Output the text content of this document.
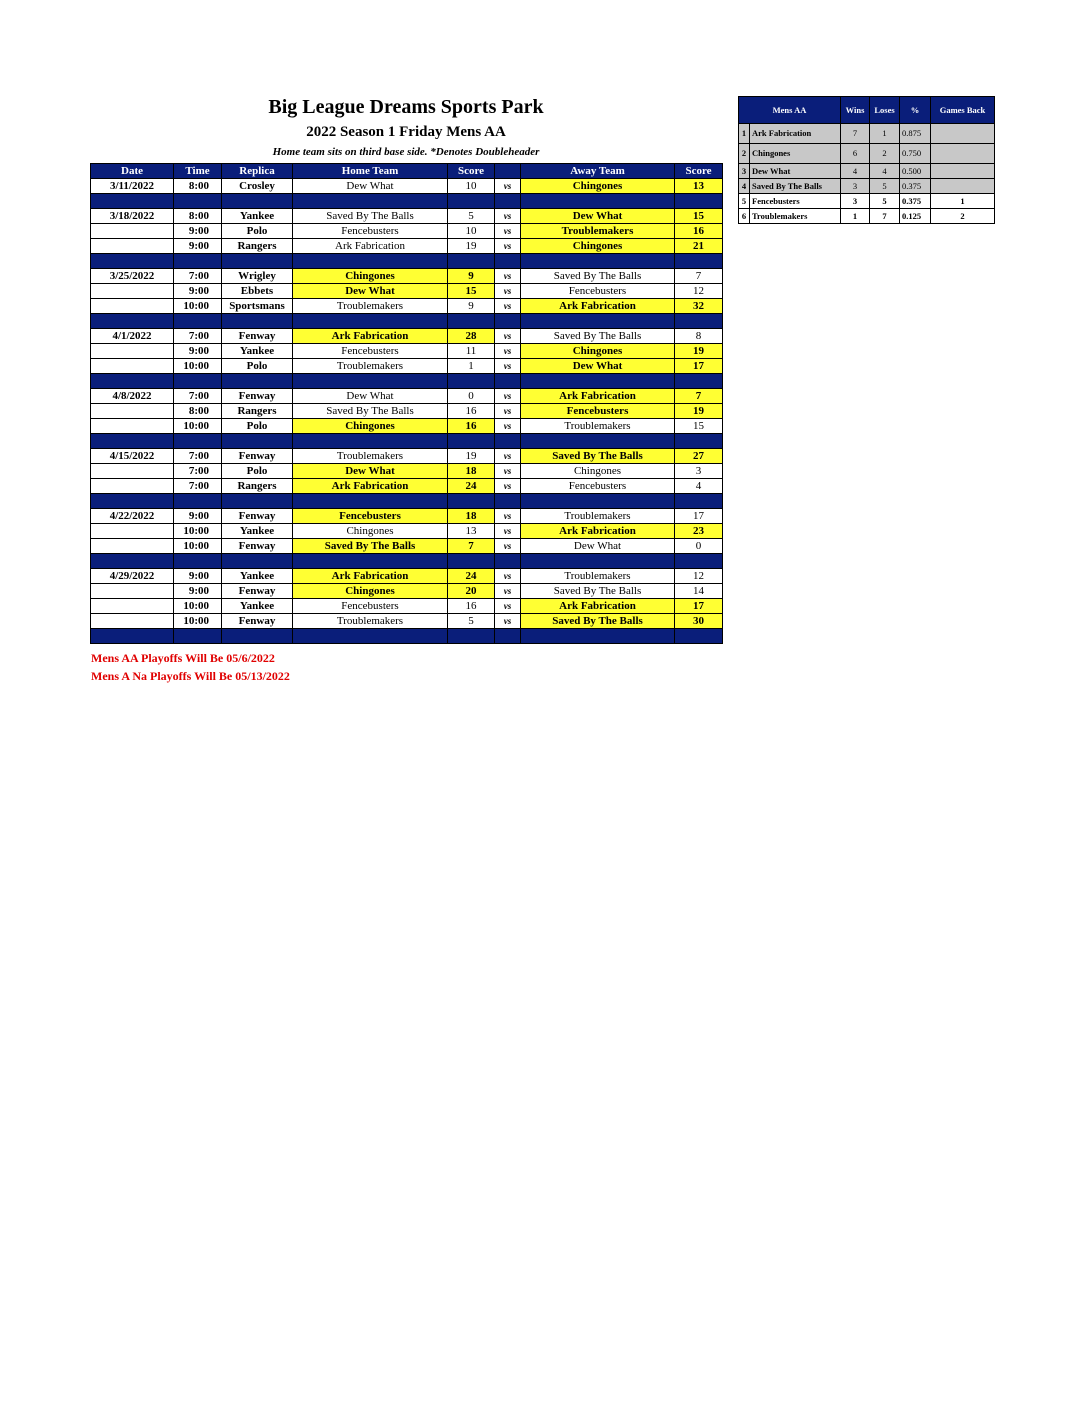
Big League Dreams Sports Park
2022 Season 1 Friday Mens AA
Home team sits on third base side. *Denotes Doubleheader
Date	Time	Replica	Home Team	Score		Away Team	Score
3/11/2022	8:00	Crosley	Dew What	10	vs	Chingones	13

3/18/2022	8:00	Yankee	Saved By The Balls	5	vs	Dew What	15
	9:00	Polo	Fencebusters	10	vs	Troublemakers	16
	9:00	Rangers	Ark Fabrication	19	vs	Chingones	21

3/25/2022	7:00	Wrigley	Chingones	9	vs	Saved By The Balls	7
	9:00	Ebbets	Dew What	15	vs	Fencebusters	12
	10:00	Sportsmans	Troublemakers	9	vs	Ark Fabrication	32

4/1/2022	7:00	Fenway	Ark Fabrication	28	vs	Saved By The Balls	8
	9:00	Yankee	Fencebusters	11	vs	Chingones	19
	10:00	Polo	Troublemakers	1	vs	Dew What	17

4/8/2022	7:00	Fenway	Dew What	0	vs	Ark Fabrication	7
	8:00	Rangers	Saved By The Balls	16	vs	Fencebusters	19
	10:00	Polo	Chingones	16	vs	Troublemakers	15

4/15/2022	7:00	Fenway	Troublemakers	19	vs	Saved By The Balls	27
	7:00	Polo	Dew What	18	vs	Chingones	3
	7:00	Rangers	Ark Fabrication	24	vs	Fencebusters	4

4/22/2022	9:00	Fenway	Fencebusters	18	vs	Troublemakers	17
	10:00	Yankee	Chingones	13	vs	Ark Fabrication	23
	10:00	Fenway	Saved By The Balls	7	vs	Dew What	0

4/29/2022	9:00	Yankee	Ark Fabrication	24	vs	Troublemakers	12
	9:00	Fenway	Chingones	20	vs	Saved By The Balls	14
	10:00	Yankee	Fencebusters	16	vs	Ark Fabrication	17
	10:00	Fenway	Troublemakers	5	vs	Saved By The Balls	30

Mens AA		Wins	Loses	%	Games Back
1	Ark Fabrication	7	1	0.875	
2	Chingones	6	2	0.750	
3	Dew What	4	4	0.500	
4	Saved By The Balls	3	5	0.375	
5	Fencebusters	3	5	0.375	1
6	Troublemakers	1	7	0.125	2
Mens AA Playoffs Will Be 05/6/2022
Mens A Na Playoffs Will Be 05/13/2022
